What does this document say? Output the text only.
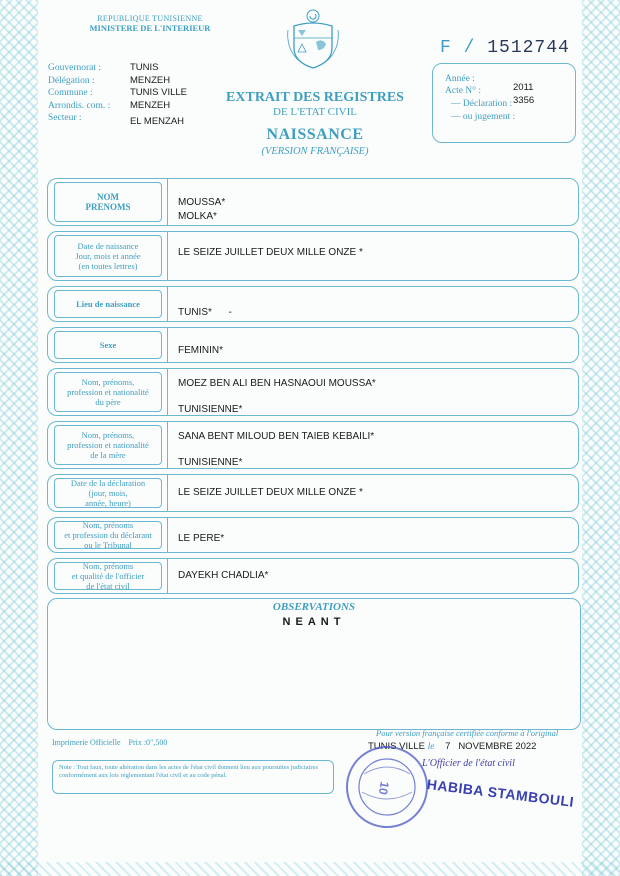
REPUBLIQUE TUNISIENNE
MINISTERE DE L'INTERIEUR
F / 1512744
Gouvernorat :
Délégation :
Commune :
Arrondis. com. :
Secteur :
TUNIS
MENZEH
TUNIS VILLE
MENZEH
EL MENZAH
EXTRAIT DES REGISTRES
DE L'ETAT CIVIL
NAISSANCE
(VERSION FRANÇAISE)
Année :
2011
Acte N° :
3356
— Déclaration :
— ou jugement :
NOM
PRENOMS	MOUSSA*
MOLKA*
Date de naissance
Jour, mois et année
(en toutes lettres)
LE SEIZE JUILLET DEUX MILLE ONZE *
Lieu de naissance
TUNIS*      -
Sexe	FEMININ*
Nom, prénoms,
profession et nationalité
du père
MOEZ BEN ALI BEN HASNAOUI MOUSSA*
TUNISIENNE*
Nom, prénoms,
profession et nationalité
de la mère
SANA BENT MILOUD BEN TAIEB KEBAILI*
TUNISIENNE*
Date de la déclaration
(jour, mois,
année, heure)
LE SEIZE JUILLET DEUX MILLE ONZE *
Nom, prénoms
et profession du déclarant
ou le Tribunal
LE PERE*
Nom, prénoms
et qualité de l'officier
de l'état civil
DAYEKH CHADLIA*
OBSERVATIONS
NEANT
Imprimerie Officielle Prix :0",500
Note : Tout faux, toute altération dans les actes de l'état civil donnent lieu aux poursuites judiciaires conformément aux lois réglementant l'état civil et au code pénal.
Pour version française certifiée conforme à l'original
TUNIS VILLE le 7 NOVEMBRE 2022
10
L'Officier de l'état civil
HABIBA STAMBOULI
